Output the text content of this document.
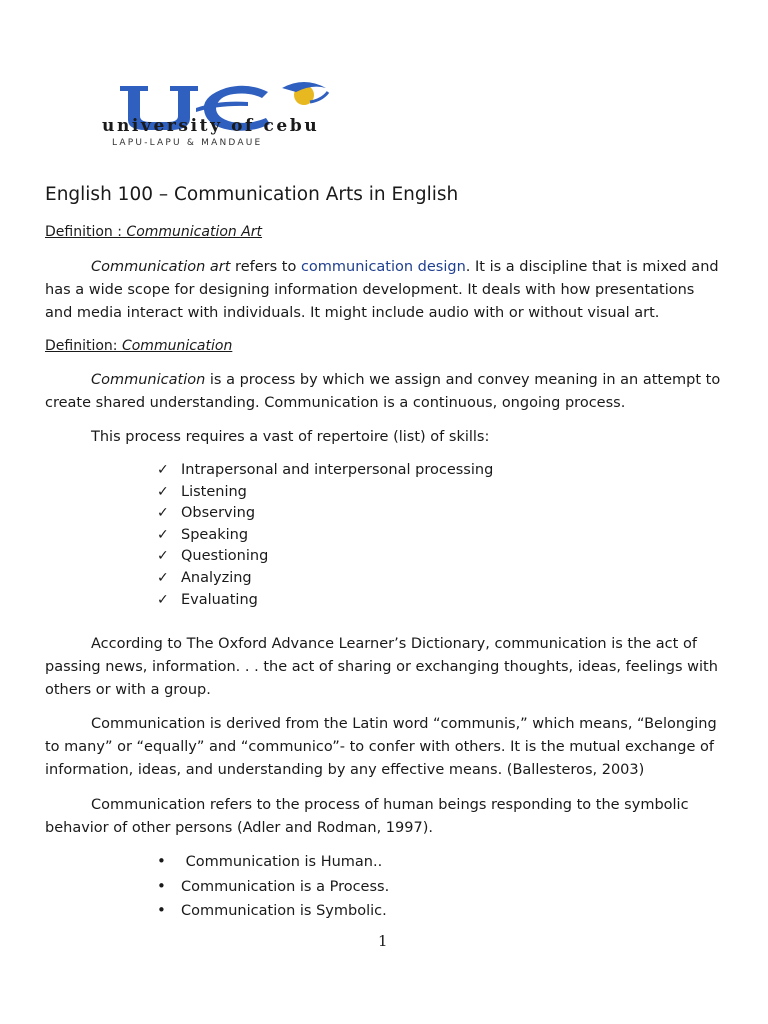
university of cebu
LAPU-LAPU & MANDAUE
English 100 – Communication Arts in English

Definition : Communication Art

Communication art refers to communication design. It is a discipline that is mixed and has a wide scope for designing information development. It deals with how presentations and media interact with individuals. It might include audio with or without visual art.

Definition: Communication

Communication is a process by which we assign and convey meaning in an attempt to create shared understanding. Communication is a continuous, ongoing process.

This process requires a vast of repertoire (list) of skills:

✓ Intrapersonal and interpersonal processing
✓ Listening
✓ Observing
✓ Speaking
✓ Questioning
✓ Analyzing
✓ Evaluating

According to The Oxford Advance Learner’s Dictionary, communication is the act of passing news, information. . . the act of sharing or exchanging thoughts, ideas, feelings with others or with a group.

Communication is derived from the Latin word “communis,” which means, “Belonging to many” or “equally” and “communico”- to confer with others. It is the mutual exchange of information, ideas, and understanding by any effective means. (Ballesteros, 2003)

Communication refers to the process of human beings responding to the symbolic behavior of other persons (Adler and Rodman, 1997).

• Communication is Human..
• Communication is a Process.
• Communication is Symbolic.
1
